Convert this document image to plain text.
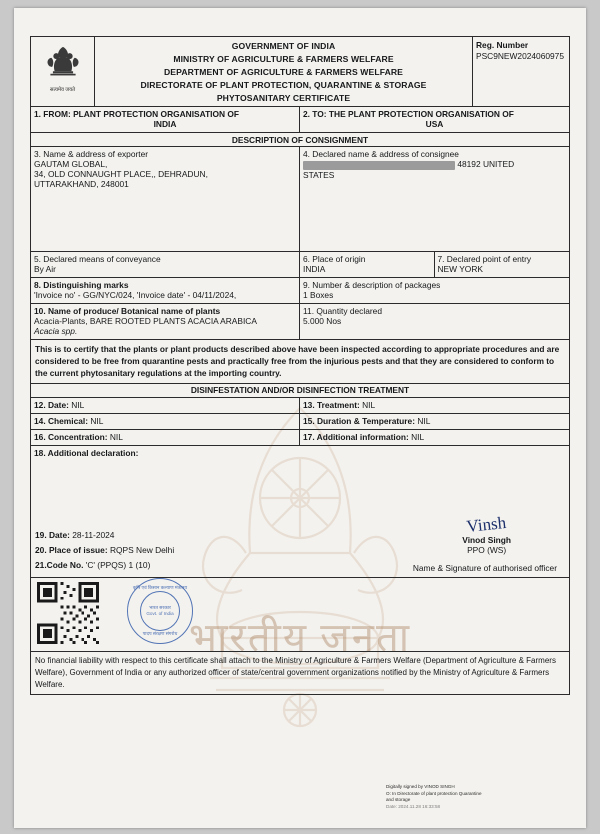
भारतीय जनता
सत्यमेव जयते
GOVERNMENT OF INDIA
MINISTRY OF AGRICULTURE & FARMERS WELFARE
DEPARTMENT OF AGRICULTURE & FARMERS WELFARE
DIRECTORATE OF PLANT PROTECTION, QUARANTINE & STORAGE
PHYTOSANITARY CERTIFICATE
Reg. Number
PSC9NEW2024060975
1. FROM: PLANT PROTECTION ORGANISATION OF
INDIA
2. TO: THE PLANT PROTECTION ORGANISATION OF
USA
DESCRIPTION OF CONSIGNMENT
3. Name & address of exporter
GAUTAM GLOBAL,
34, OLD CONNAUGHT PLACE,, DEHRADUN,
UTTARAKHAND, 248001
4. Declared name & address of consignee
48192 UNITED
STATES
5. Declared means of conveyance
By Air
6. Place of origin
INDIA
7. Declared point of entry
NEW YORK
8. Distinguishing marks
'Invoice no' - GG/NYC/024, 'Invoice date' - 04/11/2024,
9. Number & description of packages
1 Boxes
10. Name of produce/ Botanical name of plants
Acacia-Plants, BARE ROOTED PLANTS ACACIA ARABICA
Acacia spp.
11. Quantity declared
5.000 Nos
This is to certify that the plants or plant products described above have been inspected according to appropriate procedures and are considered to be free from quarantine pests and practically free from the injurious pests and that they are considered to conform to the current phytosanitary regulations at the importing country.
DISINFESTATION AND/OR DISINFECTION TREATMENT
12. Date: NIL	13. Treatment: NIL
14. Chemical: NIL	15. Duration & Temperature: NIL
16. Concentration: NIL	17. Additional information: NIL
18. Additional declaration:
19. Date: 28-11-2024
20. Place of issue: RQPS New Delhi
21.Code No. 'C' (PPQS) 1 (10)
Vinsh
Vinod Singh
PPO (WS)
Name & Signature of authorised officer
कृषि एवं किसान कल्याण मंत्रालय
भारत सरकार
Govt. of India
पादप संरक्षण संगरोध
No financial liability with respect to this certificate shall attach to the Ministry of Agriculture & Farmers Welfare (Department of Agriculture & Farmers Welfare), Government of India or any authorized officer of state/central government organizations notified by the Ministry of Agriculture & Farmers Welfare.
Digitally signed by VINOD SINGH
O: In Directorate of plant protection Quarantine
and storage
Date: 2024.11.28 16:33:58
